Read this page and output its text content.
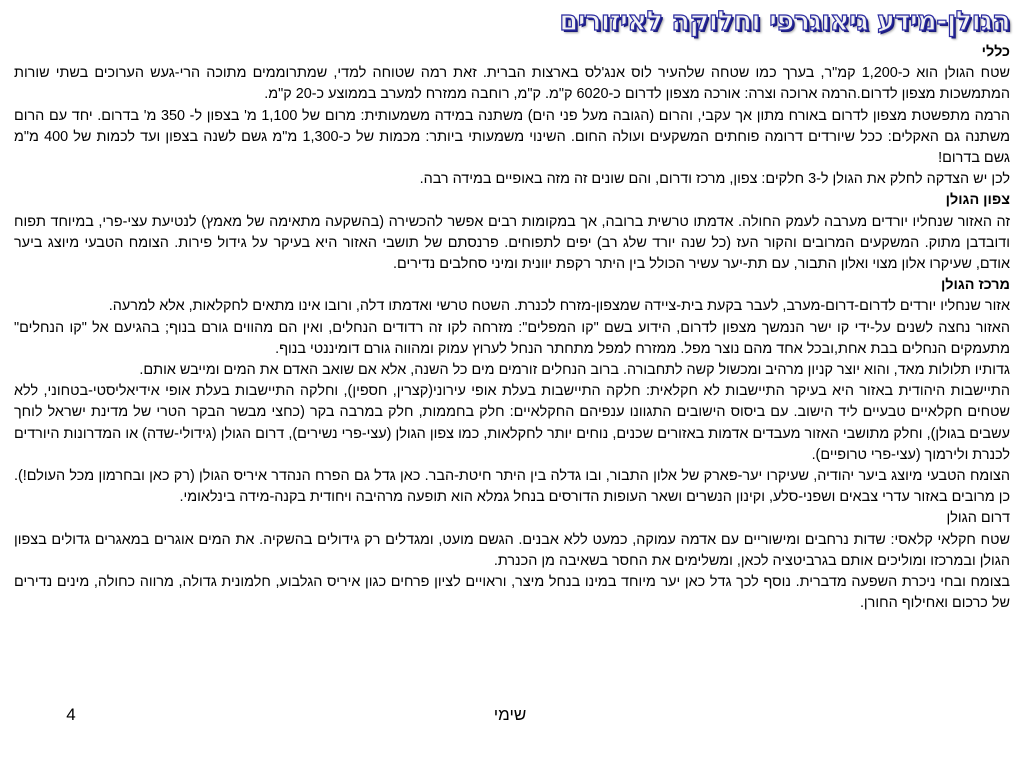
הגולן-מידע גיאוגרפי וחלוקה לאיזורים

כללי

שטח הגולן הוא כ-1,200 קמ"ר, בערך כמו שטחה שלהעיר לוס אנג'לס בארצות הברית. זאת רמה שטוחה למדי, שמתרוממים מתוכה הרי-געש הערוכים בשתי שורות המתמשכות מצפון לדרום.הרמה ארוכה וצרה: אורכה מצפון לדרום כ-6020 ק"מ. ק"מ, רוחבה ממזרח למערב בממוצע כ-20 ק"מ.

הרמה מתפשטת מצפון לדרום באורח מתון אך עקבי, והרום (הגובה מעל פני הים) משתנה במידה משמעותית: מרום של 1,100 מ' בצפון ל- 350 מ' בדרום. יחד עם הרום משתנה גם האקלים: ככל שיורדים דרומה פוחתים המשקעים ועולה החום. השינוי משמעותי ביותר: מכמות של כ-1,300 מ"מ גשם לשנה בצפון ועד לכמות של 400 מ"מ גשם בדרום!

לכן יש הצדקה לחלק את הגולן ל-3 חלקים: צפון, מרכז ודרום, והם שונים זה מזה באופיים במידה רבה.

צפון הגולן

זה האזור שנחליו יורדים מערבה לעמק החולה. אדמתו טרשית ברובה, אך במקומות רבים אפשר להכשירה (בהשקעה מתאימה של מאמץ) לנטיעת עצי-פרי, במיוחד תפוח ודובדבן מתוק. המשקעים המרובים והקור העז (כל שנה יורד שלג רב) יפים לתפוחים. פרנסתם של תושבי האזור היא בעיקר על גידול פירות. הצומח הטבעי מיוצג ביער אודם, שעיקרו אלון מצוי ואלון התבור, עם תת-יער עשיר הכולל בין היתר רקפת יוונית ומיני סחלבים נדירים.

מרכז הגולן

אזור שנחליו יורדים לדרום-דרום-מערב, לעבר בקעת בית-ציידה שמצפון-מזרח לכנרת. השטח טרשי ואדמתו דלה, ורובו אינו מתאים לחקלאות, אלא למרעה.

האזור נחצה לשנים על-ידי קו ישר הנמשך מצפון לדרום, הידוע בשם "קו המפלים": מזרחה לקו זה רדודים הנחלים, ואין הם מהווים גורם בנוף; בהגיעם אל "קו הנחלים" מתעמקים הנחלים בבת אחת,ובכל אחד מהם נוצר מפל. ממזרח למפל מתחתר הנחל לערוץ עמוק ומהווה גורם דומיננטי בנוף.

גדותיו תלולות מאד, והוא יוצר קניון מרהיב ומכשול קשה לתחבורה. ברוב הנחלים זורמים מים כל השנה, אלא אם שואב האדם את המים ומייבש אותם.

התיישבות היהודית באזור היא בעיקר התיישבות לא חקלאית: חלקה התיישבות בעלת אופי עירוני(קצרין, חספין), וחלקה התיישבות בעלת אופי אידיאליסטי-בטחוני, ללא שטחים חקלאיים טבעיים ליד הישוב. עם ביסוס הישובים התגוונו ענפיהם החקלאיים: חלק בחממות, חלק במרבה בקר (כחצי מבשר הבקר הטרי של מדינת ישראל לוחך עשבים בגולן), וחלק מתושבי האזור מעבדים אדמות באזורים שכנים, נוחים יותר לחקלאות, כמו צפון הגולן (עצי-פרי נשירים), דרום הגולן (גידולי-שדה) או המדרונות היורדים לכנרת ולירמוך (עצי-פרי טרופיים).

הצומח הטבעי מיוצג ביער יהודיה, שעיקרו יער-פארק של אלון התבור, ובו גדלה בין היתר חיטת-הבר. כאן גדל גם הפרח הנהדר איריס הגולן (רק כאן ובחרמון מכל העולם!). כן מרובים באזור עדרי צבאים ושפני-סלע, וקינון הנשרים ושאר העופות הדורסים בנחל גמלא הוא תופעה מרהיבה ויחודית בקנה-מידה בינלאומי.

דרום הגולן

שטח חקלאי קלאסי: שדות נרחבים ומישוריים עם אדמה עמוקה, כמעט ללא אבנים. הגשם מועט, ומגדלים רק גידולים בהשקיה. את המים אוגרים במאגרים גדולים בצפון הגולן ובמרכזו ומוליכים אותם בגרביטציה לכאן, ומשלימים את החסר בשאיבה מן הכנרת.

בצומח ובחי ניכרת השפעה מדברית. נוסף לכך גדל כאן יער מיוחד במינו בנחל מיצר, וראויים לציון פרחים כגון איריס הגלבוע, חלמונית גדולה, מרווה כחולה, מינים נדירים של כרכום ואחילוף החורן.

שימי
4
